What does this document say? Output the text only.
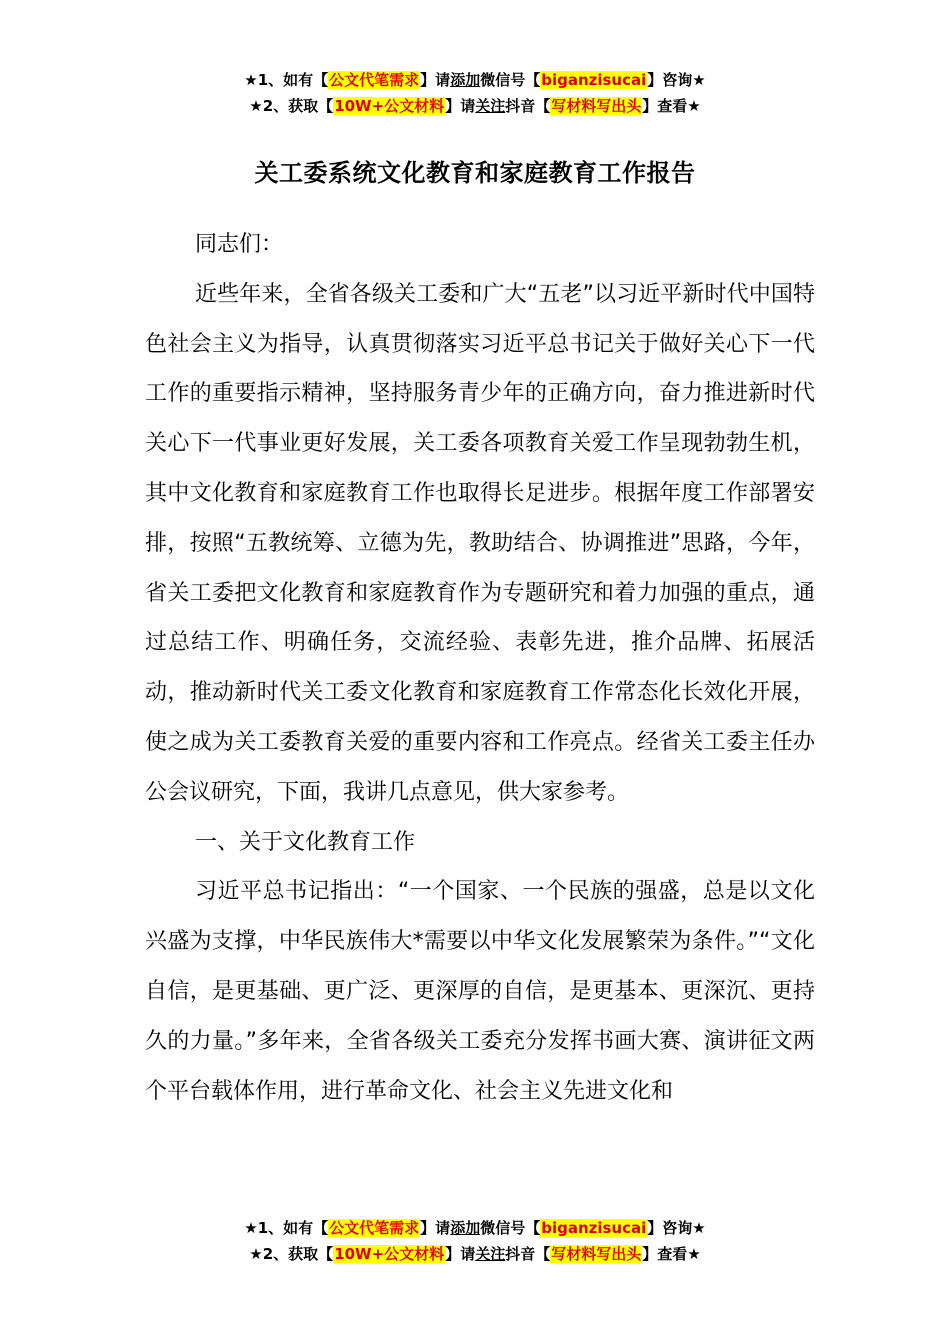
★1、如有【公文代笔需求】请添加微信号【biganzisucai】咨询★
★2、获取【10W+公文材料】请关注抖音【写材料写出头】查看★
关工委系统文化教育和家庭教育工作报告

同志们：

近些年来，全省各级关工委和广大“五老”以习近平新时代中国特色社会主义为指导，认真贯彻落实习近平总书记关于做好关心下一代工作的重要指示精神，坚持服务青少年的正确方向，奋力推进新时代关心下一代事业更好发展，关工委各项教育关爱工作呈现勃勃生机，其中文化教育和家庭教育工作也取得长足进步。根据年度工作部署安排，按照“五教统筹、立德为先，教助结合、协调推进”思路，今年，省关工委把文化教育和家庭教育作为专题研究和着力加强的重点，通过总结工作、明确任务，交流经验、表彰先进，推介品牌、拓展活动，推动新时代关工委文化教育和家庭教育工作常态化长效化开展，使之成为关工委教育关爱的重要内容和工作亮点。经省关工委主任办公会议研究，下面，我讲几点意见，供大家参考。

一、关于文化教育工作

习近平总书记指出：“一个国家、一个民族的强盛，总是以文化兴盛为支撑，中华民族伟大*需要以中华文化发展繁荣为条件。”“文化自信，是更基础、更广泛、更深厚的自信，是更基本、更深沉、更持久的力量。”多年来，全省各级关工委充分发挥书画大赛、演讲征文两个平台载体作用，进行革命文化、社会主义先进文化和

★1、如有【公文代笔需求】请添加微信号【biganzisucai】咨询★
★2、获取【10W+公文材料】请关注抖音【写材料写出头】查看★
